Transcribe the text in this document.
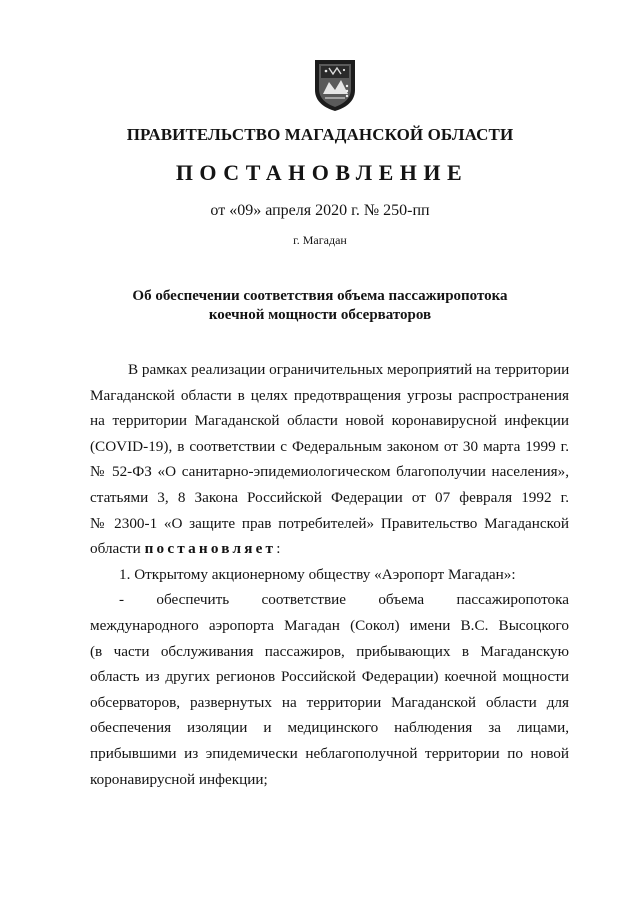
ПРАВИТЕЛЬСТВО МАГАДАНСКОЙ ОБЛАСТИ
ПОСТАНОВЛЕНИЕ
от «09» апреля 2020 г. № 250-пп
г. Магадан
Об обеспечении соответствия объема пассажиропотока
коечной мощности обсерваторов
В рамках реализации ограничительных мероприятий на территории
Магаданской области в целях предотвращения угрозы распространения
на территории Магаданской области новой коронавирусной инфекции
(COVID-19), в соответствии с Федеральным законом от 30 марта 1999 г.
№ 52-ФЗ «О санитарно-эпидемиологическом благополучии населения»,
статьями 3, 8 Закона Российской Федерации от 07 февраля 1992 г.
№ 2300-1 «О защите прав потребителей» Правительство Магаданской
области постановляет:
1. Открытому акционерному обществу «Аэропорт Магадан»:
-      обеспечить      соответствие      объема      пассажиропотока
международного аэропорта Магадан (Сокол) имени В.С. Высоцкого
(в части обслуживания пассажиров, прибывающих в Магаданскую
область из других регионов Российской Федерации) коечной мощности
обсерваторов, развернутых на территории Магаданской области для
обеспечения изоляции и медицинского наблюдения за лицами,
прибывшими из эпидемически неблагополучной территории по новой
коронавирусной инфекции;
